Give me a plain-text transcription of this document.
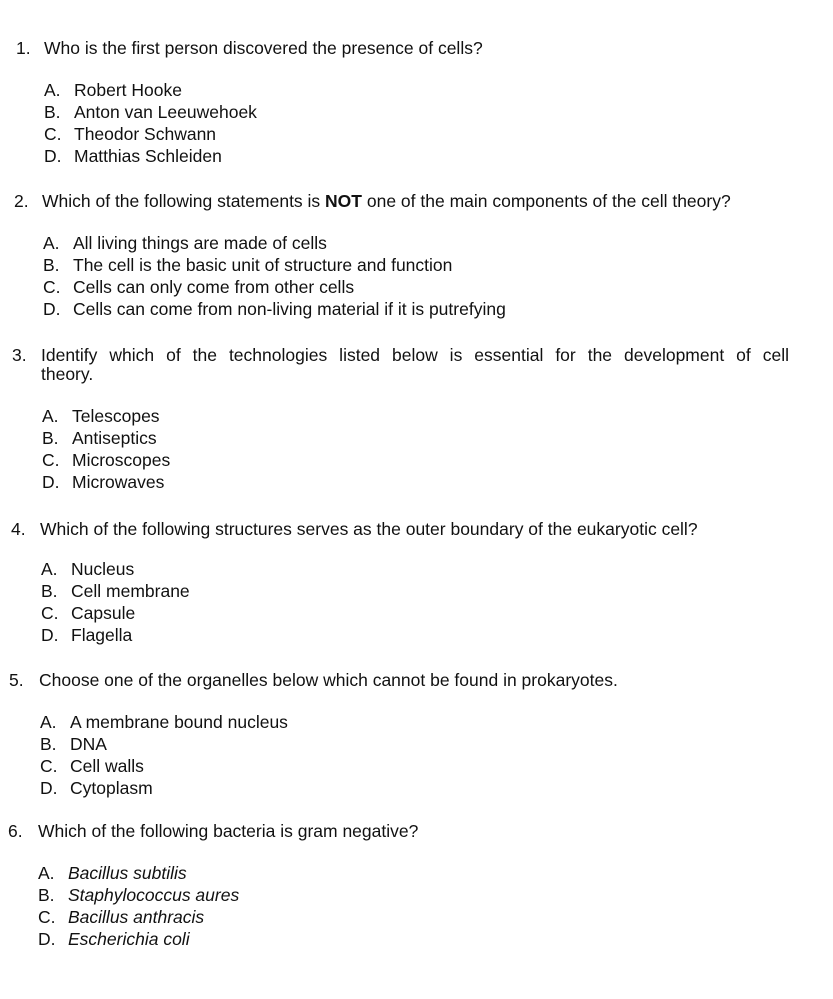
1. Who is the first person discovered the presence of cells?
A. Robert Hooke
B. Anton van Leeuwehoek
C. Theodor Schwann
D. Matthias Schleiden
2. Which of the following statements is NOT one of the main components of the cell theory?
A. All living things are made of cells
B. The cell is the basic unit of structure and function
C. Cells can only come from other cells
D. Cells can come from non-living material if it is putrefying
3. Identify which of the technologies listed below is essential for the development of cell
theory.
A. Telescopes
B. Antiseptics
C. Microscopes
D. Microwaves
4. Which of the following structures serves as the outer boundary of the eukaryotic cell?
A. Nucleus
B. Cell membrane
C. Capsule
D. Flagella
5. Choose one of the organelles below which cannot be found in prokaryotes.
A. A membrane bound nucleus
B. DNA
C. Cell walls
D. Cytoplasm
6. Which of the following bacteria is gram negative?
A. Bacillus subtilis
B. Staphylococcus aures
C. Bacillus anthracis
D. Escherichia coli
